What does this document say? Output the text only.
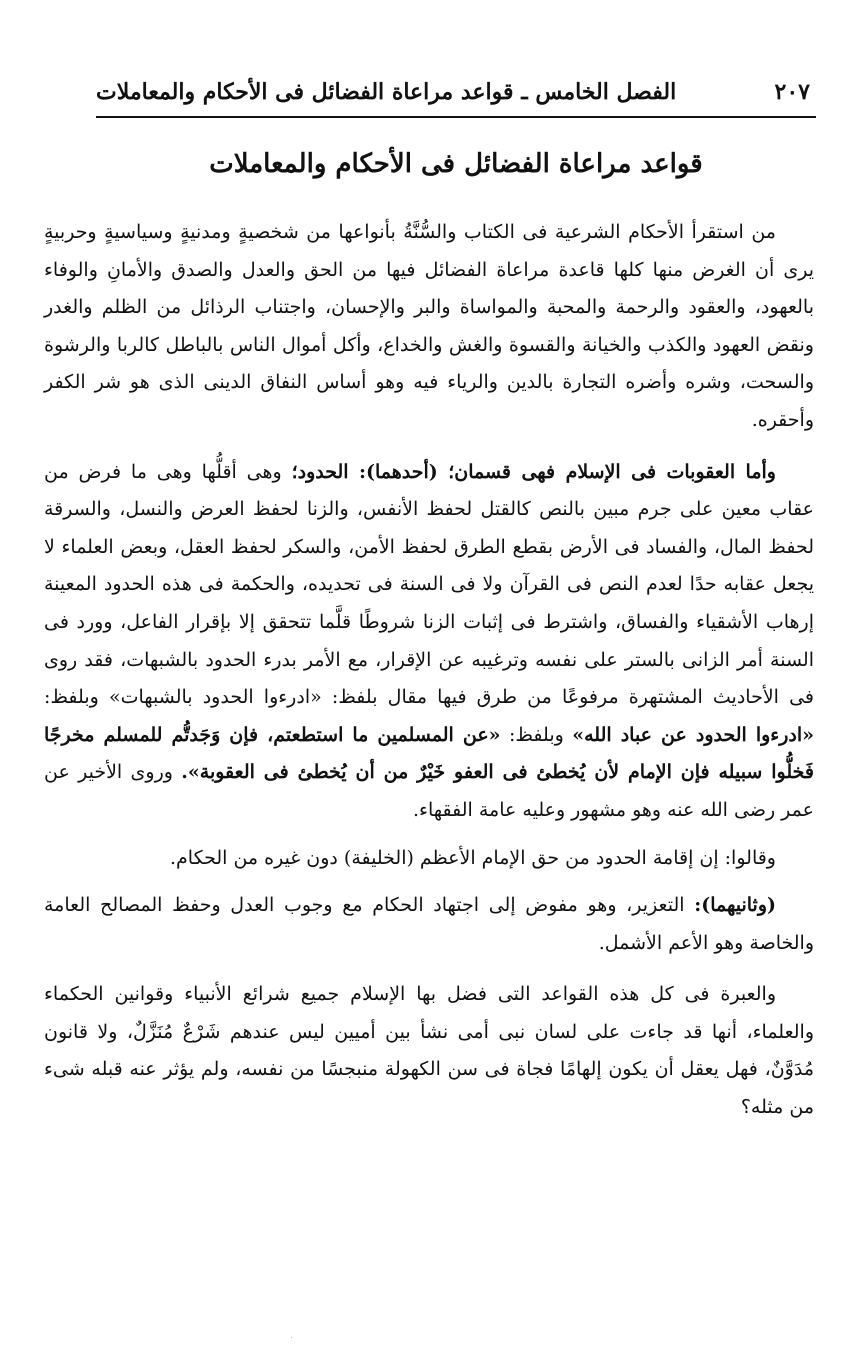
٢٠٧
الفصل الخامس ـ قواعد مراعاة الفضائل فى الأحكام والمعاملات
قواعد مراعاة الفضائل فى الأحكام والمعاملات

من استقرأ الأحكام الشرعية فى الكتاب والسُّنَّةُ بأنواعها من شخصيةٍ ومدنيةٍ وسياسيةٍ وحربيةٍ يرى أن الغرض منها كلها قاعدة مراعاة الفضائل فيها من الحق والعدل والصدق والأمانِ والوفاء بالعهود، والعقود والرحمة والمحبة والمواساة والبر والإحسان، واجتناب الرذائل من الظلم والغدر ونقض العهود والكذب والخيانة والقسوة والغش والخداع، وأكل أموال الناس بالباطل كالربا والرشوة والسحت، وشره وأضره التجارة بالدين والرياء فيه وهو أساس النفاق الدينى الذى هو شر الكفر وأحقره.

وأما العقوبات فى الإسلام فهى قسمان؛ (أحدهما): الحدود؛ وهى أقلُّها وهى ما فرض من عقاب معين على جرم مبين بالنص كالقتل لحفظ الأنفس، والزنا لحفظ العرض والنسل، والسرقة لحفظ المال، والفساد فى الأرض بقطع الطرق لحفظ الأمن، والسكر لحفظ العقل، وبعض العلماء لا يجعل عقابه حدًا لعدم النص فى القرآن ولا فى السنة فى تحديده، والحكمة فى هذه الحدود المعينة إرهاب الأشقياء والفساق، واشترط فى إثبات الزنا شروطًا قلَّما تتحقق إلا بإقرار الفاعل، وورد فى السنة أمر الزانى بالستر على نفسه وترغيبه عن الإقرار، مع الأمر بدرء الحدود بالشبهات، فقد روى فى الأحاديث المشتهرة مرفوعًا من طرق فيها مقال بلفظ: «ادرءوا الحدود بالشبهات» وبلفظ: «ادرءوا الحدود عن عباد الله» وبلفظ: «عن المسلمين ما استطعتم، فإن وَجَدتُّم للمسلم مخرجًا فَخلُّوا سبيله فإن الإمام لأن يُخطئ فى العفو خَيْرٌ من أن يُخطئ فى العقوبة». وروى الأخير عن عمر رضى الله عنه وهو مشهور وعليه عامة الفقهاء.

وقالوا: إن إقامة الحدود من حق الإمام الأعظم (الخليفة) دون غيره من الحكام.

(وثانيهما): التعزير، وهو مفوض إلى اجتهاد الحكام مع وجوب العدل وحفظ المصالح العامة والخاصة وهو الأعم الأشمل.

والعبرة فى كل هذه القواعد التى فضل بها الإسلام جميع شرائع الأنبياء وقوانين الحكماء والعلماء، أنها قد جاءت على لسان نبى أمى نشأ بين أميين ليس عندهم شَرْعٌ مُنَزَّلٌ، ولا قانون مُدَوَّنٌ، فهل يعقل أن يكون إلهامًا فجاة فى سن الكهولة منبجسًا من نفسه، ولم يؤثر عنه قبله شىء من مثله؟

.
